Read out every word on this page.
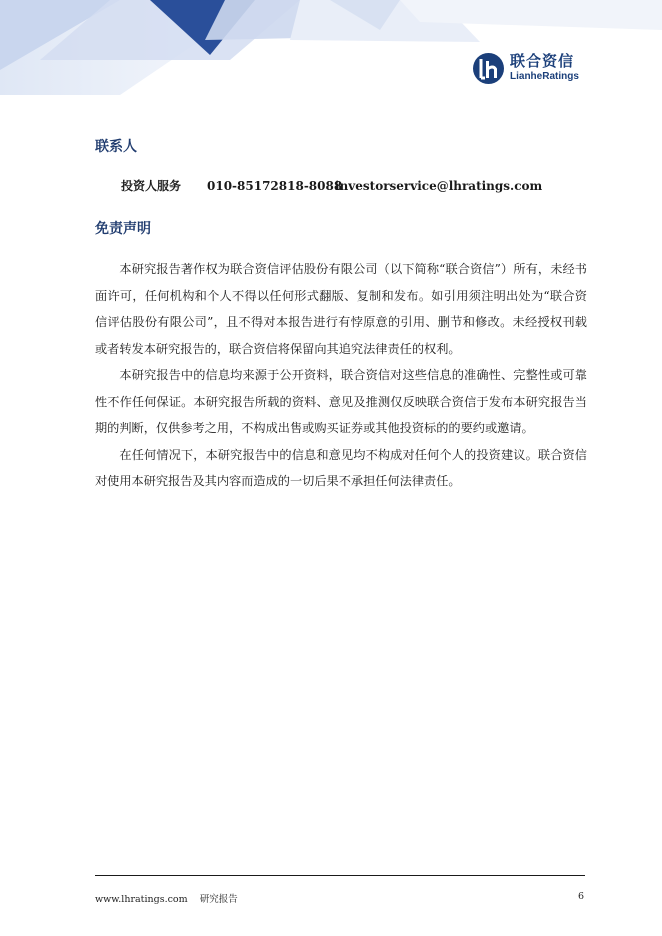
联合资信
LianheRatings
联系人
投资人服务 010-85172818-8088investorservice@lhratings.com
免责声明

本研究报告著作权为联合资信评估股份有限公司（以下简称“联合资信”）所有，未经书面许可，任何机构和个人不得以任何形式翻版、复制和发布。如引用须注明出处为“联合资信评估股份有限公司”，且不得对本报告进行有悖原意的引用、删节和修改。未经授权刊载或者转发本研究报告的，联合资信将保留向其追究法律责任的权利。

本研究报告中的信息均来源于公开资料，联合资信对这些信息的准确性、完整性或可靠性不作任何保证。本研究报告所载的资料、意见及推测仅反映联合资信于发布本研究报告当期的判断，仅供参考之用，不构成出售或购买证券或其他投资标的的要约或邀请。

在任何情况下，本研究报告中的信息和意见均不构成对任何个人的投资建议。联合资信对使用本研究报告及其内容而造成的一切后果不承担任何法律责任。

www.lhratings.com 研究报告	6
